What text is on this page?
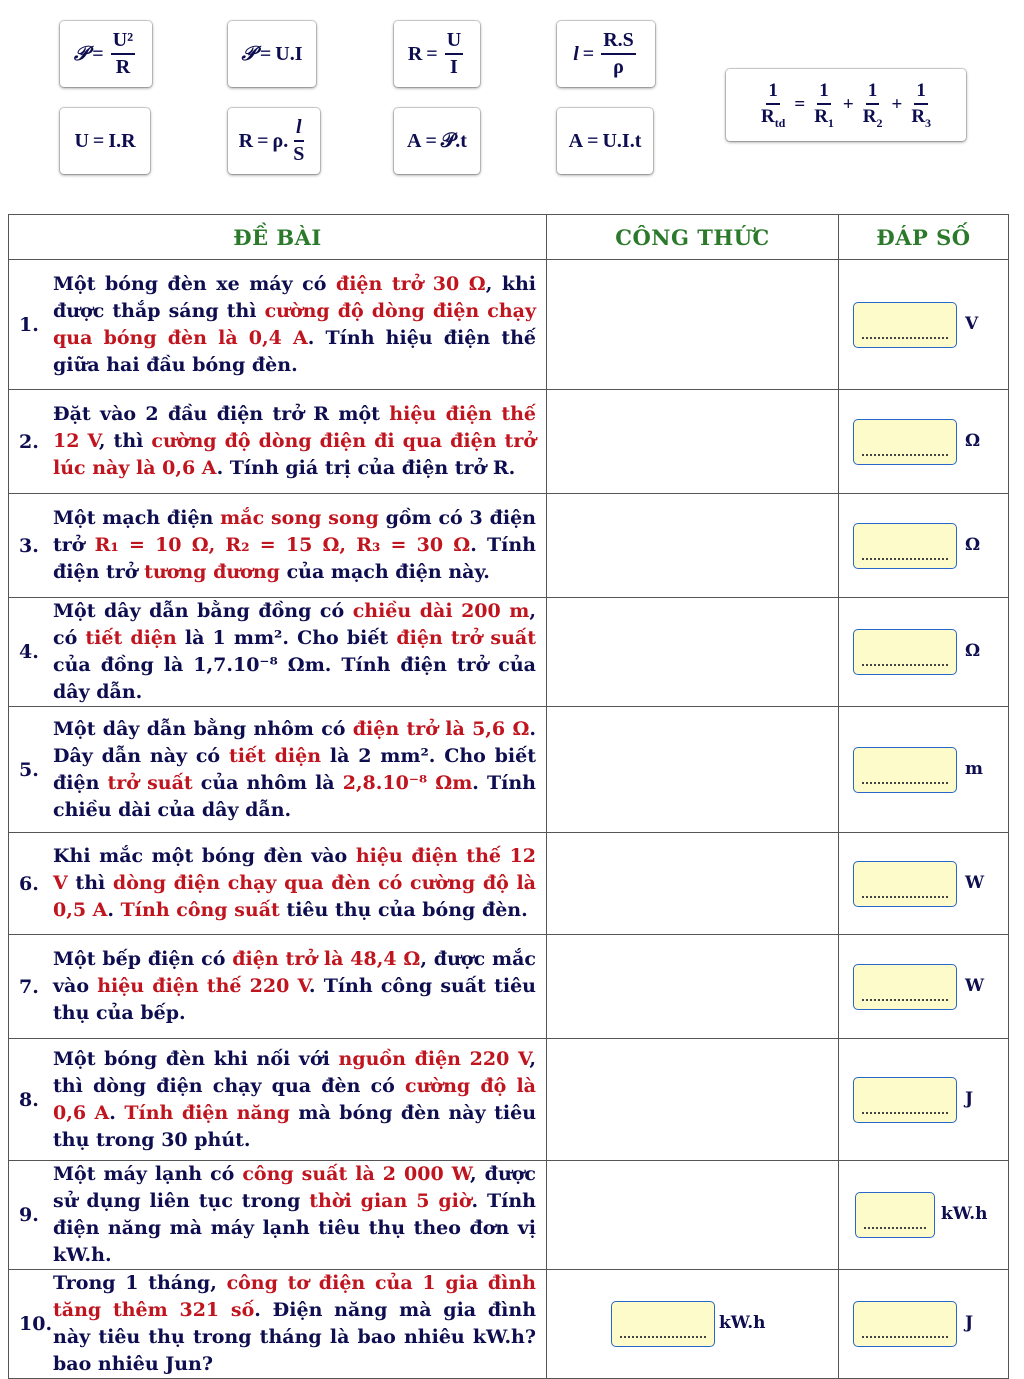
𝒫 = $\frac{\text{U²}}{R}$	𝒫 = U.I	$R = \frac{U}{I}$	$l = \frac{R.S}{\rho}$
U = I.R	R = ρ. $\frac{l}{S}$	A = 𝒫.t	A = U.I.t
$\frac{1}{R_{td}} = \frac{1}{R_1} + \frac{1}{R_2} + \frac{1}{R_3}$
ĐỀ BÀI	CÔNG THỨC	ĐÁP SỐ

1.
Một bóng đèn xe máy có điện trở 30 Ω, khi được thắp sáng thì cường độ dòng điện chạy qua bóng đèn là 0,4 A. Tính hiệu điện thế giữa hai đầu bóng đèn.		V

2.
Đặt vào 2 đầu điện trở R một hiệu điện thế 12 V, thì cường độ dòng điện đi qua điện trở lúc này là 0,6 A. Tính giá trị của điện trở R.		Ω

3.
Một mạch điện mắc song song gồm có 3 điện trở R₁ = 10 Ω, R₂ = 15 Ω, R₃ = 30 Ω. Tính điện trở tương đương của mạch điện này.		Ω

4.
Một dây dẫn bằng đồng có chiều dài 200 m, có tiết diện là 1 mm². Cho biết điện trở suất của đồng là 1,7.10⁻⁸ Ωm. Tính điện trở của dây dẫn.		Ω

5.
Một dây dẫn bằng nhôm có điện trở là 5,6 Ω. Dây dẫn này có tiết diện là 2 mm². Cho biết điện trở suất của nhôm là 2,8.10⁻⁸ Ωm. Tính chiều dài của dây dẫn.		m

6.
Khi mắc một bóng đèn vào hiệu điện thế 12 V thì dòng điện chạy qua đèn có cường độ là 0,5 A. Tính công suất tiêu thụ của bóng đèn.		W

7.
Một bếp điện có điện trở là 48,4 Ω, được mắc vào hiệu điện thế 220 V. Tính công suất tiêu thụ của bếp.		W

8.
Một bóng đèn khi nối với nguồn điện 220 V, thì dòng điện chạy qua đèn có cường độ là 0,6 A. Tính điện năng mà bóng đèn này tiêu thụ trong 30 phút.		J

9.
Một máy lạnh có công suất là 2 000 W, được sử dụng liên tục trong thời gian 5 giờ. Tính điện năng mà máy lạnh tiêu thụ theo đơn vị kW.h.		kW.h

10.
Trong 1 tháng, công tơ điện của 1 gia đình tăng thêm 321 số. Điện năng mà gia đình này tiêu thụ trong tháng là bao nhiêu kW.h? bao nhiêu Jun?	kW.h	J
